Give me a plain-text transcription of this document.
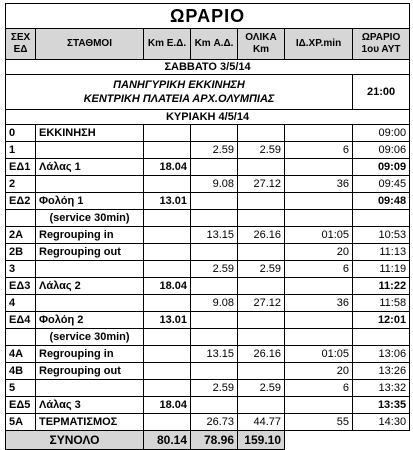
ΩΡΑΡΙΟ						
ΣΕΧ ΕΔ	ΣΤΑΘΜΟΙ	Km Ε.Δ.	Km Α.Δ.	ΟΛΙΚΑ Km	ΙΔ.ΧΡ.min	ΩΡΑΡΙΟ 1ου ΑΥΤ
ΣΑΒΒΑΤΟ 3/5/14						
ΠΑΝΗΓΥΡΙΚΗ ΕΚΚΙΝΗΣΗ
ΚΕΝΤΡΙΚΗ ΠΛΑΤΕΙΑ ΑΡΧ.ΟΛΥΜΠΙΑΣ						21:00
ΚΥΡΙΑΚΗ 4/5/14						
0	ΕΚΚΙΝΗΣΗ					09:00
1			2.59	2.59	6	09:06
ΕΔ1	Λάλας 1	18.04				09:09
2			9.08	27.12	36	09:45
ΕΔ2	Φολόη 1	13.01				09:48
	(service 30min)					
2A	Regrouping in		13.15	26.16	01:05	10:53
2B	Regrouping out				20	11:13
3			2.59	2.59	6	11:19
ΕΔ3	Λάλας 2	18.04				11:22
4			9.08	27.12	36	11:58
ΕΔ4	Φολόη 2	13.01				12:01
	(service 30min)					
4A	Regrouping in		13.15	26.16	01:05	13:06
4B	Regrouping out				20	13:26
5			2.59	2.59	6	13:32
ΕΔ5	Λάλας 3	18.04				13:35
5A	ΤΕΡΜΑΤΙΣΜΟΣ		26.73	44.77	55	14:30
ΣΥΝΟΛΟ		80.14	78.96	159.10		
